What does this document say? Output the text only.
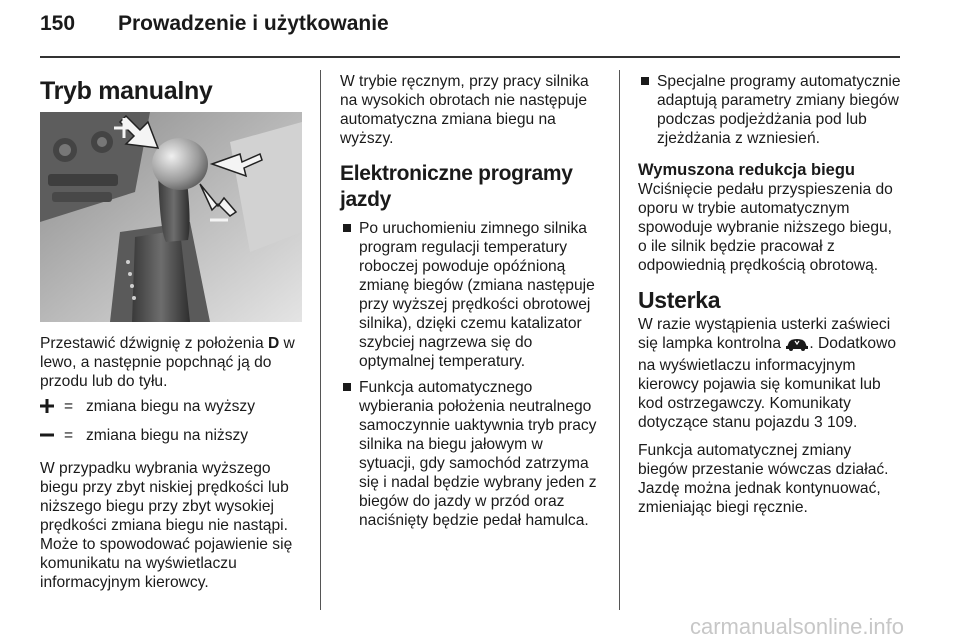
150 Prowadzenie i użytkowanie
Tryb manualny

Przestawić dźwignię z położenia D w lewo, a następnie popchnąć ją do przodu lub do tyłu.

= zmiana biegu na wyższy
= zmiana biegu na niższy

W przypadku wybrania wyższego biegu przy zbyt niskiej prędkości lub niższego biegu przy zbyt wysokiej prędkości zmiana biegu nie nastąpi. Może to spowodować pojawienie się komunikatu na wyświetlaczu informacyjnym kierowcy.

W trybie ręcznym, przy pracy silnika na wysokich obrotach nie następuje automatyczna zmiana biegu na wyższy.

Elektroniczne programy jazdy
Po uruchomieniu zimnego silnika program regulacji temperatury roboczej powoduje opóźnioną zmianę biegów (zmiana następuje przy wyższej prędkości obrotowej silnika), dzięki czemu katalizator szybciej nagrzewa się do optymalnej temperatury.
Funkcja automatycznego wybierania położenia neutralnego samoczynnie uaktywnia tryb pracy silnika na biegu jałowym w sytuacji, gdy samochód zatrzyma się i nadal będzie wybrany jeden z biegów do jazdy w przód oraz naciśnięty będzie pedał hamulca.
Specjalne programy automatycznie adaptują parametry zmiany biegów podczas podjeżdżania pod lub zjeżdżania z wzniesień.
Wymuszona redukcja biegu

Wciśnięcie pedału przyspieszenia do oporu w trybie automatycznym spowoduje wybranie niższego biegu, o ile silnik będzie pracował z odpowiednią prędkością obrotową.

Usterka

W razie wystąpienia usterki zaświeci się lampka kontrolna . Dodatkowo na wyświetlaczu informacyjnym kierowcy pojawia się komunikat lub kod ostrzegawczy. Komunikaty dotyczące stanu pojazdu 3 109.

Funkcja automatycznej zmiany biegów przestanie wówczas działać. Jazdę można jednak kontynuować, zmieniając biegi ręcznie.

carmanualsonline.info
